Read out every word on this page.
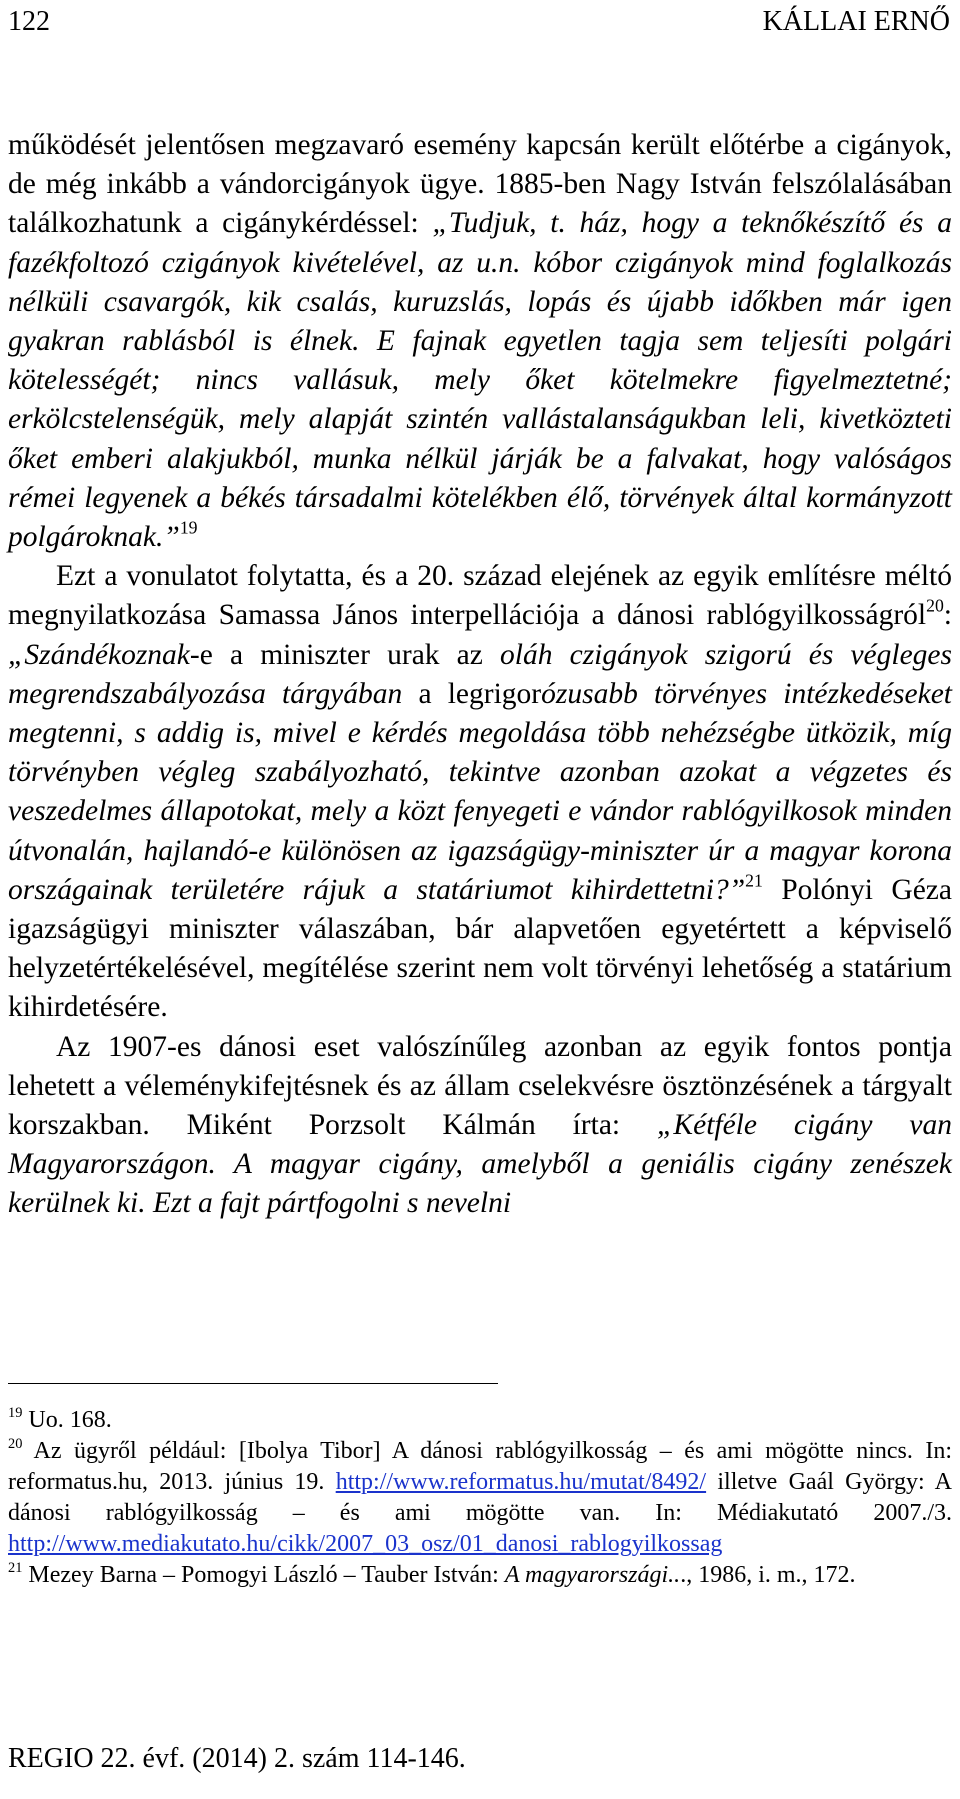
122	KÁLLAI ERNŐ

működését jelentősen megzavaró esemény kapcsán került előtérbe a cigányok, de még inkább a vándorcigányok ügye. 1885-ben Nagy István felszólalásában találkozhatunk a cigánykérdéssel: „Tudjuk, t. ház, hogy a teknőkészítő és a fazékfoltozó czigányok kivételével, az u.n. kóbor czigányok mind foglalkozás nélküli csavargók, kik csalás, kuruzslás, lopás és újabb időkben már igen gyakran rablásból is élnek. E fajnak egyetlen tagja sem teljesíti polgári kötelességét; nincs vallásuk, mely őket kötelmekre figyelmeztetné; erkölcstelenségük, mely alapját szintén vallástalanságukban leli, kivetközteti őket emberi alakjukból, munka nélkül járják be a falvakat, hogy valóságos rémei legyenek a békés társadalmi kötelékben élő, törvények által kormányzott polgároknak.”$^{19}$

Ezt a vonulatot folytatta, és a 20. század elejének az egyik említésre méltó megnyilatkozása Samassa János interpellációja a dánosi rablógyilkosságról$^{20}$: „Szándékoznak-e a miniszter urak az oláh czigányok szigorú és végleges megrendszabályozása tárgyában a legrigorózusabb törvényes intézkedéseket megtenni, s addig is, mivel e kérdés megoldása több nehézségbe ütközik, míg törvényben végleg szabályozható, tekintve azonban azokat a végzetes és veszedelmes állapotokat, mely a közt fenyegeti e vándor rablógyilkosok minden útvonalán, hajlandó-e különösen az igazságügy-miniszter úr a magyar korona országainak területére rájuk a statáriumot kihirdettetni?”$^{21}$ Polónyi Géza igazságügyi miniszter válaszában, bár alapvetően egyetértett a képviselő helyzetértékelésével, megítélése szerint nem volt törvényi lehetőség a statárium kihirdetésére.

Az 1907-es dánosi eset valószínűleg azonban az egyik fontos pontja lehetett a véleménykifejtésnek és az állam cselekvésre ösztönzésének a tárgyalt korszakban. Miként Porzsolt Kálmán írta: „Kétféle cigány van Magyarországon. A magyar cigány, amelyből a geniális cigány zenészek kerülnek ki. Ezt a fajt pártfogolni s nevelni

$^{19}$ Uo. 168.

$^{20}$ Az ügyről például: [Ibolya Tibor] A dánosi rablógyilkosság – és ami mögötte nincs. In: reformatus.hu, 2013. június 19. http://www.reformatus.hu/mutat/8492/ illetve Gaál György: A dánosi rablógyilkosság – és ami mögötte van. In: Médiakutató 2007./3. http://www.mediakutato.hu/cikk/2007_03_osz/01_danosi_rablogyilkossag

$^{21}$ Mezey Barna – Pomogyi László – Tauber István: A magyarországi..., 1986, i. m., 172.

REGIO 22. évf. (2014) 2. szám 114-146.
